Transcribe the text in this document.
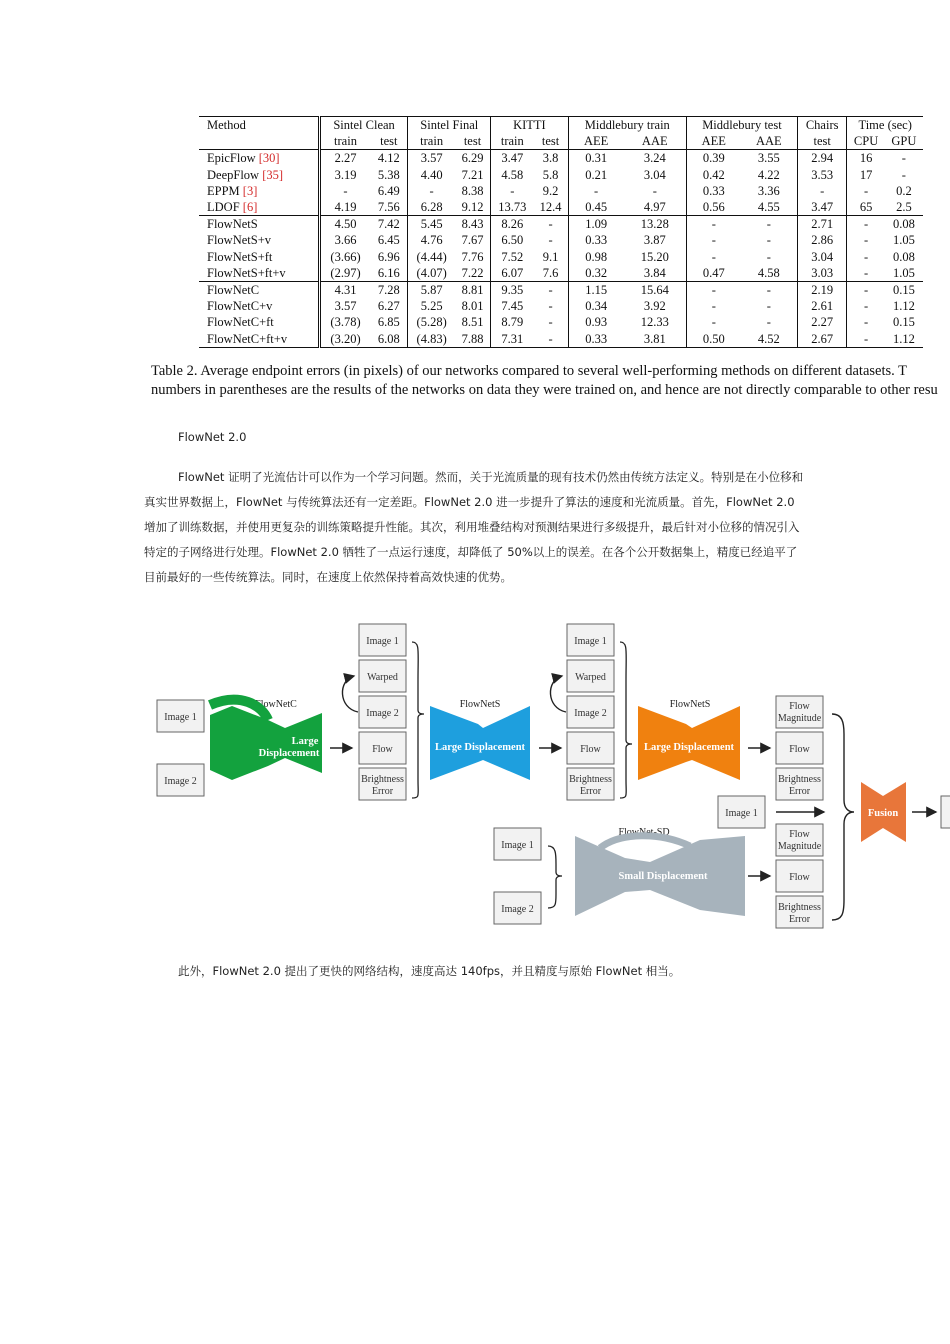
Method	Sintel Clean		Sintel Final		KITTI		Middlebury train		Middlebury test		Chairs	Time (sec)	
	train	test	train	test	train	test	AEE	AAE	AEE	AAE	test	CPU	GPU
EpicFlow [30]	2.27	4.12	3.57	6.29	3.47	3.8	0.31	3.24	0.39	3.55	2.94	16	-
DeepFlow [35]	3.19	5.38	4.40	7.21	4.58	5.8	0.21	3.04	0.42	4.22	3.53	17	-
EPPM [3]	-	6.49	-	8.38	-	9.2	-	-	0.33	3.36	-	-	0.2
LDOF [6]	4.19	7.56	6.28	9.12	13.73	12.4	0.45	4.97	0.56	4.55	3.47	65	2.5
FlowNetS	4.50	7.42	5.45	8.43	8.26	-	1.09	13.28	-	-	2.71	-	0.08
FlowNetS+v	3.66	6.45	4.76	7.67	6.50	-	0.33	3.87	-	-	2.86	-	1.05
FlowNetS+ft	(3.66)	6.96	(4.44)	7.76	7.52	9.1	0.98	15.20	-	-	3.04	-	0.08
FlowNetS+ft+v	(2.97)	6.16	(4.07)	7.22	6.07	7.6	0.32	3.84	0.47	4.58	3.03	-	1.05
FlowNetC	4.31	7.28	5.87	8.81	9.35	-	1.15	15.64	-	-	2.19	-	0.15
FlowNetC+v	3.57	6.27	5.25	8.01	7.45	-	0.34	3.92	-	-	2.61	-	1.12
FlowNetC+ft	(3.78)	6.85	(5.28)	8.51	8.79	-	0.93	12.33	-	-	2.27	-	0.15
FlowNetC+ft+v	(3.20)	6.08	(4.83)	7.88	7.31	-	0.33	3.81	0.50	4.52	2.67	-	1.12
Table 2. Average endpoint errors (in pixels) of our networks compared to several well-performing methods on different datasets. T
numbers in parentheses are the results of the networks on data they were trained on, and hence are not directly comparable to other resu
FlowNet 2.0
FlowNet 证明了光流估计可以作为一个学习问题。然而，关于光流质量的现有技术仍然由传统方法定义。特别是在小位移和
真实世界数据上，FlowNet 与传统算法还有一定差距。FlowNet 2.0 进一步提升了算法的速度和光流质量。首先，FlowNet 2.0
增加了训练数据，并使用更复杂的训练策略提升性能。其次，利用堆叠结构对预测结果进行多级提升，最后针对小位移的情况引入
特定的子网络进行处理。FlowNet 2.0 牺牲了一点运行速度，却降低了 50%以上的误差。在各个公开数据集上，精度已经追平了
目前最好的一些传统算法。同时，在速度上依然保持着高效快速的优势。
Image 1
Image 2
FlowNetC
Large
Displacement
Image 1
Warped
Image 2
Flow
Brightness
Error
FlowNetS
Large Displacement
Image 1
Warped
Image 2
Flow
Brightness
Error
FlowNetS
Large Displacement
Flow
Magnitude
Flow
Brightness
Error
Image 1
Image 1
Image 2
FlowNet-SD
Small Displacement
Flow
Magnitude
Flow
Brightness
Error
Fusion
此外，FlowNet 2.0 提出了更快的网络结构，速度高达 140fps，并且精度与原始 FlowNet 相当。
